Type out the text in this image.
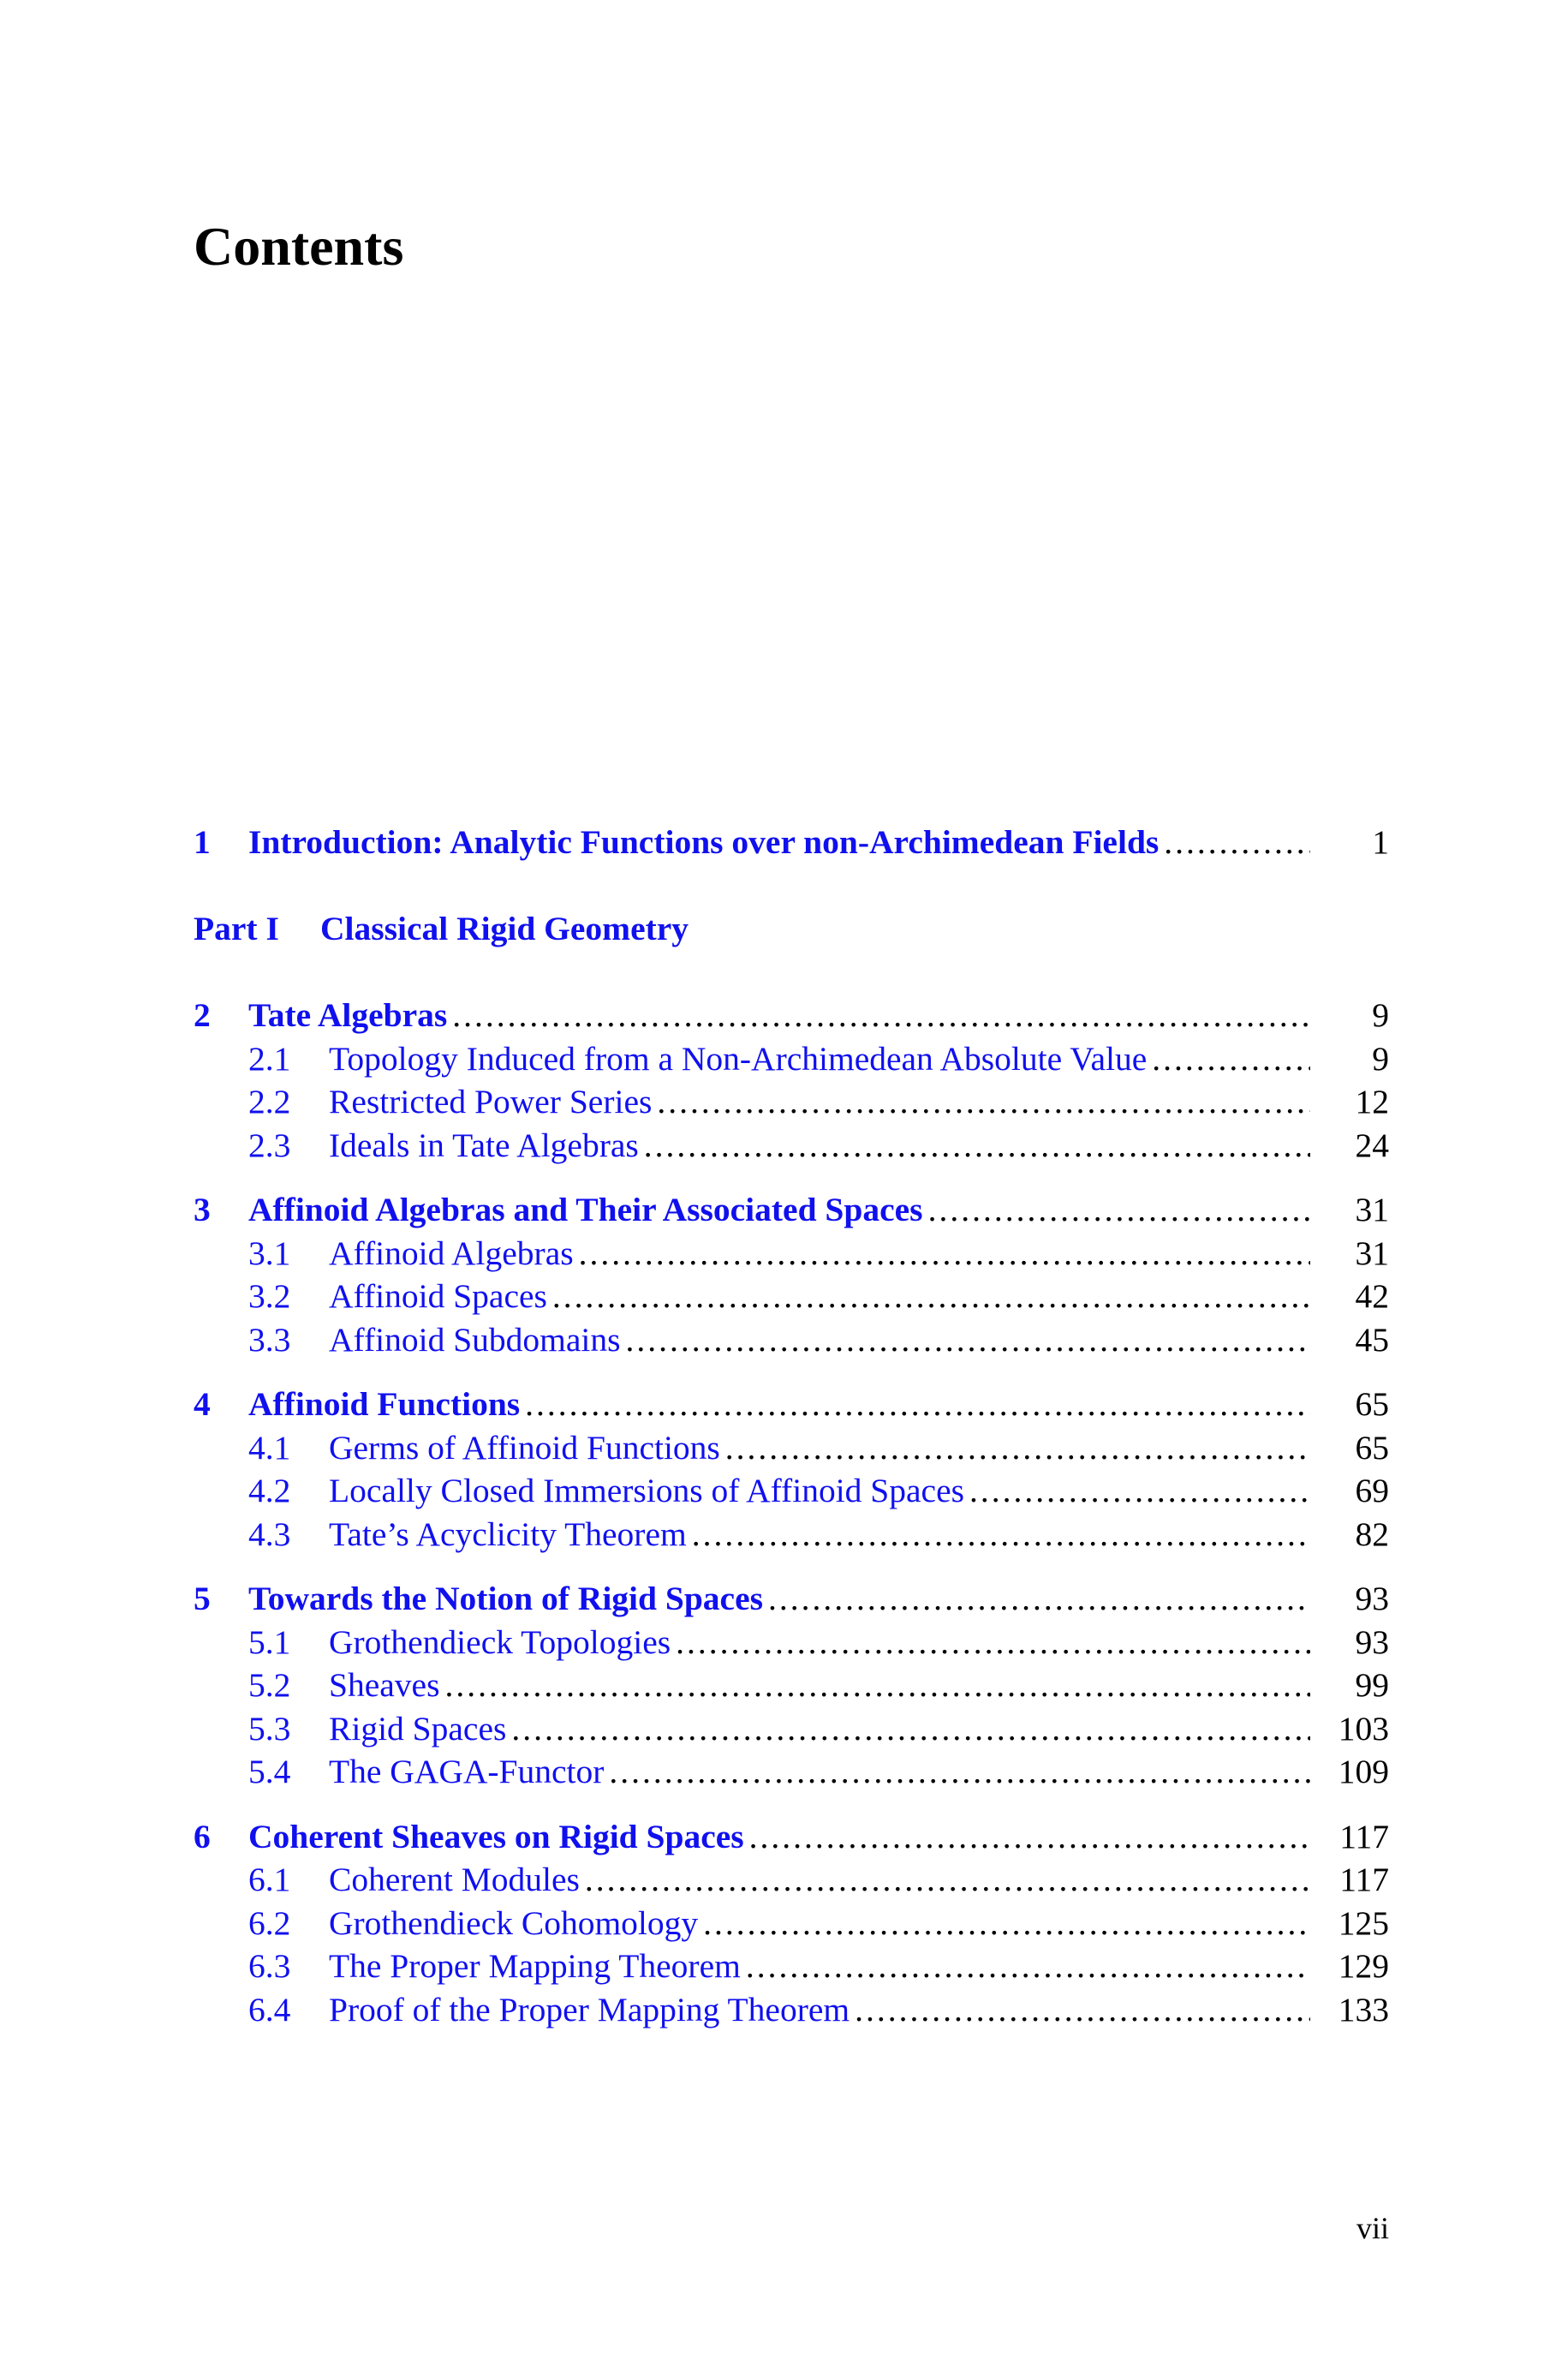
Contents
1	Introduction: Analytic Functions over non-Archimedean Fields .....	1
Part I Classical Rigid Geometry
2	Tate Algebras .....	9
2.1	Topology Induced from a Non-Archimedean Absolute Value .....	9
2.2	Restricted Power Series .....	12
2.3	Ideals in Tate Algebras .....	24
3	Affinoid Algebras and Their Associated Spaces .....	31
3.1	Affinoid Algebras .....	31
3.2	Affinoid Spaces .....	42
3.3	Affinoid Subdomains .....	45
4	Affinoid Functions .....	65
4.1	Germs of Affinoid Functions .....	65
4.2	Locally Closed Immersions of Affinoid Spaces .....	69
4.3	Tate’s Acyclicity Theorem .....	82
5	Towards the Notion of Rigid Spaces .....	93
5.1	Grothendieck Topologies .....	93
5.2	Sheaves .....	99
5.3	Rigid Spaces .....	103
5.4	The GAGA-Functor .....	109
6	Coherent Sheaves on Rigid Spaces .....	117
6.1	Coherent Modules .....	117
6.2	Grothendieck Cohomology .....	125
6.3	The Proper Mapping Theorem .....	129
6.4	Proof of the Proper Mapping Theorem .....	133
vii
